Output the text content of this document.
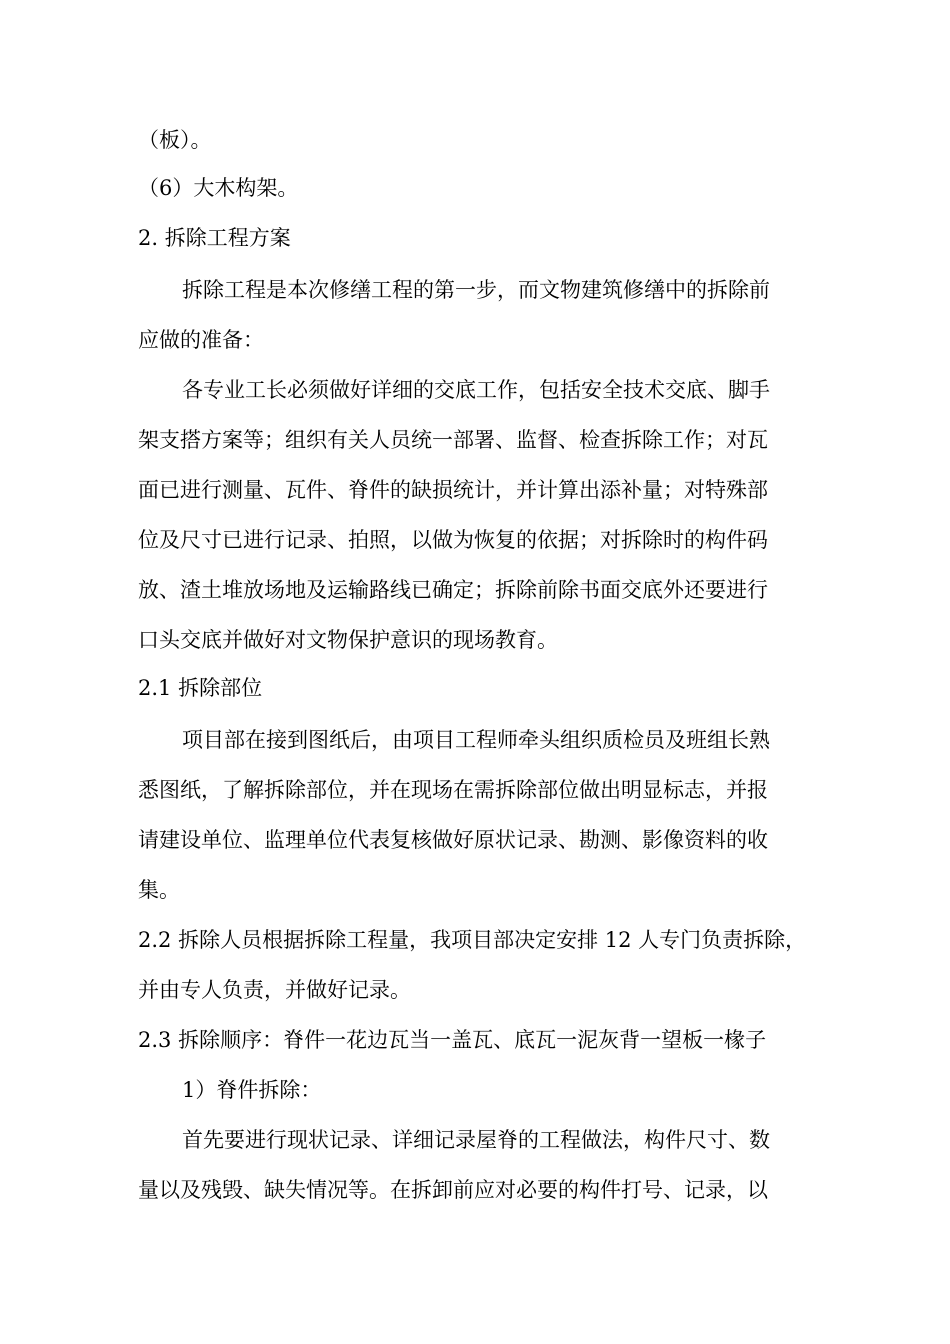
（板）。
（6）大木构架。
2. 拆除工程方案
拆除工程是本次修缮工程的第一步，而文物建筑修缮中的拆除前
应做的准备：
各专业工长必须做好详细的交底工作，包括安全技术交底、脚手
架支搭方案等；组织有关人员统一部署、监督、检查拆除工作；对瓦
面已进行测量、瓦件、脊件的缺损统计，并计算出添补量；对特殊部
位及尺寸已进行记录、拍照，以做为恢复的依据；对拆除时的构件码
放、渣土堆放场地及运输路线已确定；拆除前除书面交底外还要进行
口头交底并做好对文物保护意识的现场教育。
2.1 拆除部位
项目部在接到图纸后，由项目工程师牵头组织质检员及班组长熟
悉图纸，了解拆除部位，并在现场在需拆除部位做出明显标志，并报
请建设单位、监理单位代表复核做好原状记录、勘测、影像资料的收
集。
2.2 拆除人员根据拆除工程量，我项目部决定安排 12 人专门负责拆除，
并由专人负责，并做好记录。
2.3 拆除顺序：脊件一花边瓦当一盖瓦、底瓦一泥灰背一望板一椽子
1）脊件拆除：
首先要进行现状记录、详细记录屋脊的工程做法，构件尺寸、数
量以及残毁、缺失情况等。在拆卸前应对必要的构件打号、记录，以
